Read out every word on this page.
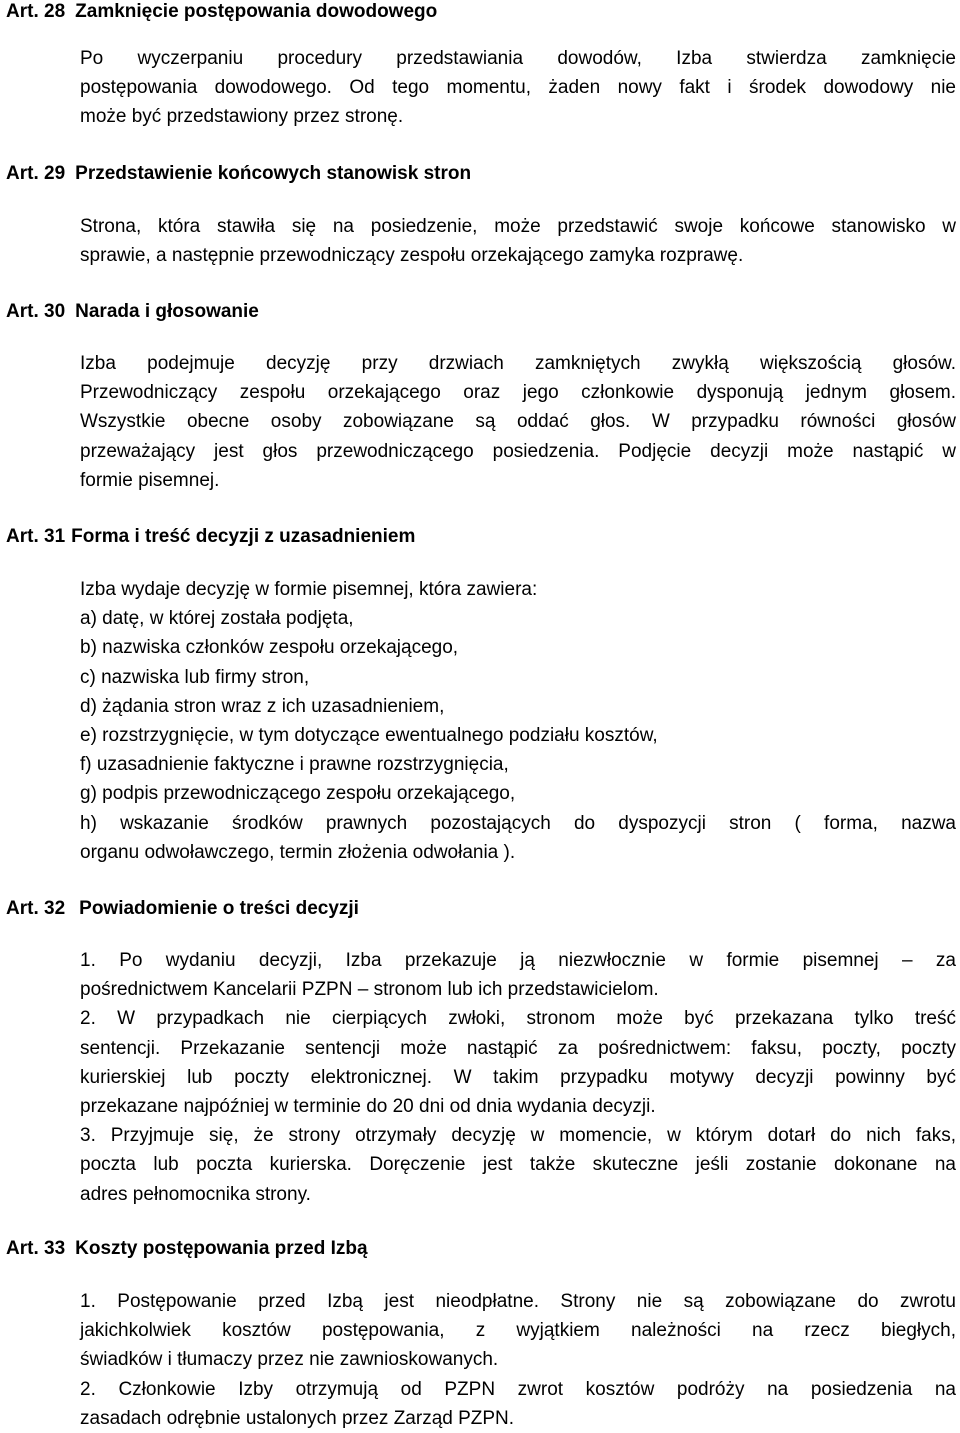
Art. 28 Zamknięcie postępowania dowodowego
Po wyczerpaniu procedury przedstawiania dowodów, Izba stwierdza zamknięcie
postępowania dowodowego. Od tego momentu, żaden nowy fakt i środek dowodowy nie
może być przedstawiony przez stronę.
Art. 29 Przedstawienie końcowych stanowisk stron
Strona, która stawiła się na posiedzenie, może przedstawić swoje końcowe stanowisko w
sprawie, a następnie przewodniczący zespołu orzekającego zamyka rozprawę.
Art. 30 Narada i głosowanie
Izba podejmuje decyzję przy drzwiach zamkniętych zwykłą większością głosów.
Przewodniczący zespołu orzekającego oraz jego członkowie dysponują jednym głosem.
Wszystkie obecne osoby zobowiązane są oddać głos. W przypadku równości głosów
przeważający jest głos przewodniczącego posiedzenia. Podjęcie decyzji może nastąpić w
formie pisemnej.
Art. 31 Forma i treść decyzji z uzasadnieniem
Izba wydaje decyzję w formie pisemnej, która zawiera:
a) datę, w której została podjęta,
b) nazwiska członków zespołu orzekającego,
c) nazwiska lub firmy stron,
d) żądania stron wraz z ich uzasadnieniem,
e) rozstrzygnięcie, w tym dotyczące ewentualnego podziału kosztów,
f) uzasadnienie faktyczne i prawne rozstrzygnięcia,
g) podpis przewodniczącego zespołu orzekającego,
h) wskazanie środków prawnych pozostających do dyspozycji stron ( forma, nazwa
organu odwoławczego, termin złożenia odwołania ).
Art. 32 Powiadomienie o treści decyzji
1. Po wydaniu decyzji, Izba przekazuje ją niezwłocznie w formie pisemnej – za
pośrednictwem Kancelarii PZPN – stronom lub ich przedstawicielom.
2. W przypadkach nie cierpiących zwłoki, stronom może być przekazana tylko treść
sentencji. Przekazanie sentencji może nastąpić za pośrednictwem: faksu, poczty, poczty
kurierskiej lub poczty elektronicznej. W takim przypadku motywy decyzji powinny być
przekazane najpóźniej w terminie do 20 dni od dnia wydania decyzji.
3. Przyjmuje się, że strony otrzymały decyzję w momencie, w którym dotarł do nich faks,
poczta lub poczta kurierska. Doręczenie jest także skuteczne jeśli zostanie dokonane na
adres pełnomocnika strony.
Art. 33 Koszty postępowania przed Izbą
1. Postępowanie przed Izbą jest nieodpłatne. Strony nie są zobowiązane do zwrotu
jakichkolwiek kosztów postępowania, z wyjątkiem należności na rzecz biegłych,
świadków i tłumaczy przez nie zawnioskowanych.
2. Członkowie Izby otrzymują od PZPN zwrot kosztów podróży na posiedzenia na
zasadach odrębnie ustalonych przez Zarząd PZPN.
